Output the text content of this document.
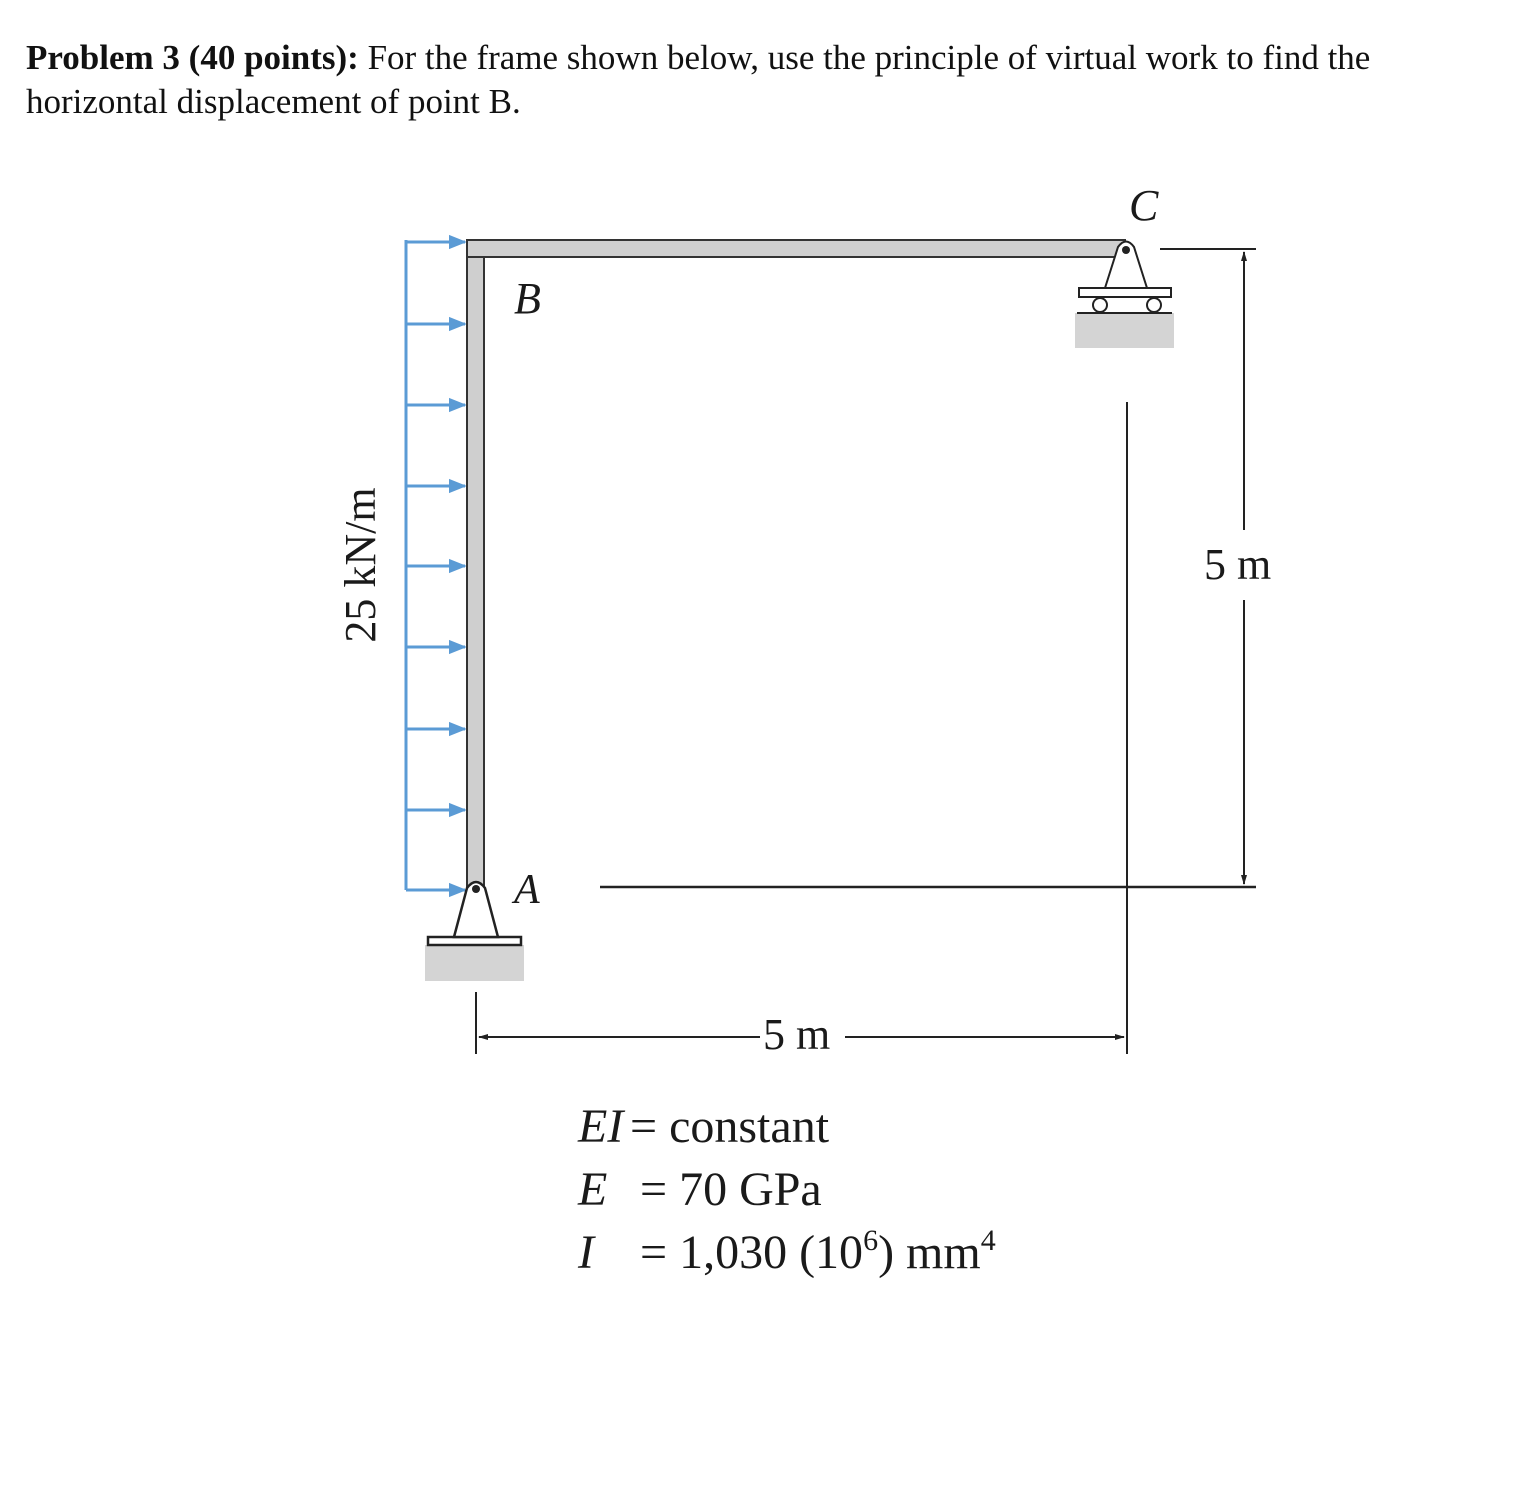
Problem 3 (40 points): For the frame shown below, use the principle of virtual work to find the horizontal displacement of point B.
25 kN/m
B
A
C
5 m
5 m
EI = constant
E = 70 GPa
I = 1,030 $(10^6)$ $mm^4$
